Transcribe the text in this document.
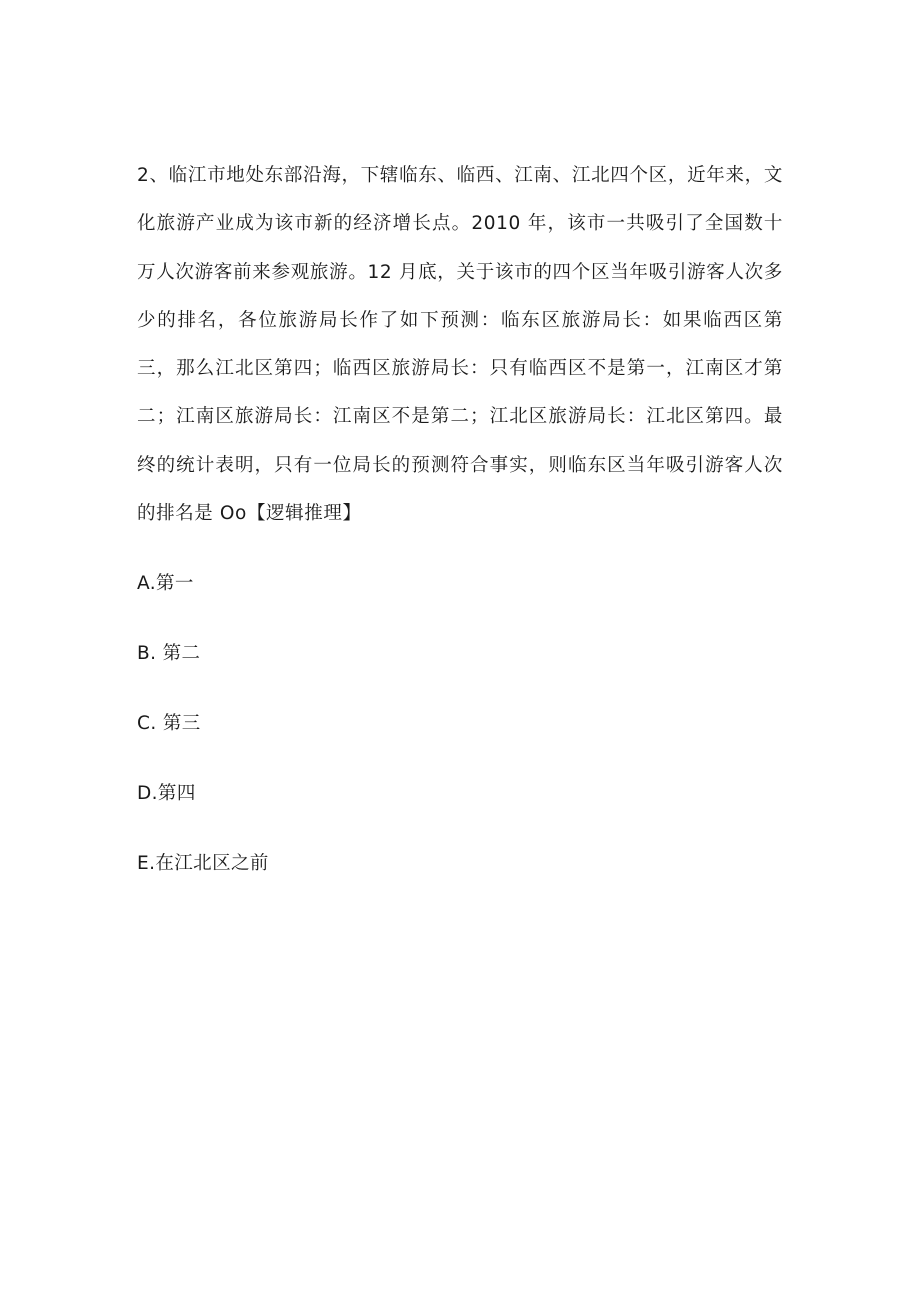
2、临江市地处东部沿海，下辖临东、临西、江南、江北四个区，近年来，文化旅游产业成为该市新的经济增长点。2010 年，该市一共吸引了全国数十万人次游客前来参观旅游。12 月底，关于该市的四个区当年吸引游客人次多少的排名，各位旅游局长作了如下预测：临东区旅游局长：如果临西区第三，那么江北区第四；临西区旅游局长：只有临西区不是第一，江南区才第二；江南区旅游局长：江南区不是第二；江北区旅游局长：江北区第四。最终的统计表明，只有一位局长的预测符合事实，则临东区当年吸引游客人次的排名是 Oo【逻辑推理】

A.第一
B. 第二
C. 第三
D.第四
E.在江北区之前
